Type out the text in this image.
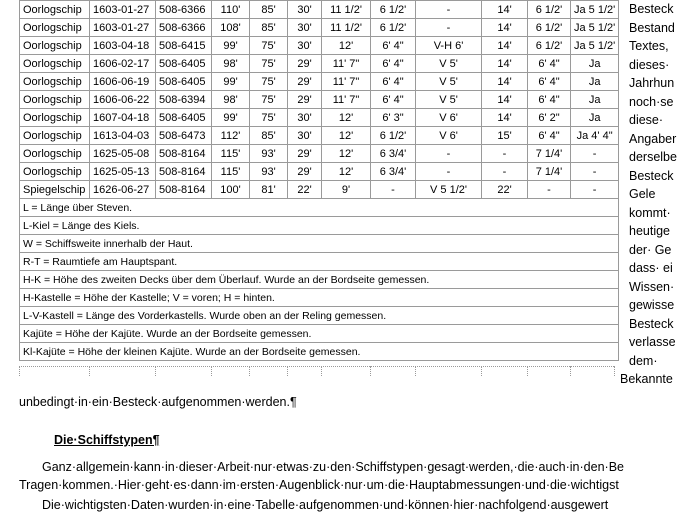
Oorlogschip	1603-01-27	508-6366	110'	85'	30'	11 1/2'	6 1/2'	-	14'	6 1/2'	Ja 5 1/2'
Oorlogschip	1603-01-27	508-6366	108'	85'	30'	11 1/2'	6 1/2'	-	14'	6 1/2'	Ja 5 1/2'
Oorlogschip	1603-04-18	508-6415	99'	75'	30'	12'	6' 4"	V-H 6'	14'	6 1/2'	Ja 5 1/2'
Oorlogschip	1606-02-17	508-6405	98'	75'	29'	11' 7"	6' 4"	V 5'	14'	6' 4"	Ja
Oorlogschip	1606-06-19	508-6405	99'	75'	29'	11' 7"	6' 4"	V 5'	14'	6' 4"	Ja
Oorlogschip	1606-06-22	508-6394	98'	75'	29'	11' 7"	6' 4"	V 5'	14'	6' 4"	Ja
Oorlogschip	1607-04-18	508-6405	99'	75'	30'	12'	6' 3"	V 6'	14'	6' 2"	Ja
Oorlogschip	1613-04-03	508-6473	112'	85'	30'	12'	6 1/2'	V 6'	15'	6' 4"	Ja 4' 4"
Oorlogschip	1625-05-08	508-8164	115'	93'	29'	12'	6 3/4'	-	-	7 1/4'	-
Oorlogschip	1625-05-13	508-8164	115'	93'	29'	12'	6 3/4'	-	-	7 1/4'	-
Spiegelschip	1626-06-27	508-8164	100'	81'	22'	9'	-	V 5 1/2'	22'	-	-
L = Länge über Steven.											
L-Kiel = Länge des Kiels.											
W = Schiffsweite innerhalb der Haut.											
R-T = Raumtiefe am Hauptspant.											
H-K = Höhe des zweiten Decks über dem Überlauf. Wurde an der Bordseite gemessen.											
H-Kastelle = Höhe der Kastelle; V = voren; H = hinten.											
L-V-Kastell = Länge des Vorderkastells. Wurde oben an der Reling gemessen.											
Kajüte = Höhe der Kajüte. Wurde an der Bordseite gemessen.											
Kl-Kajüte = Höhe der kleinen Kajüte. Wurde an der Bordseite gemessen.											
Besteck
Bestand
Textes,
dieses·
Jahrhun
noch·se
diese·
Angaber
derselbe
Besteck
Gele
kommt·
heutige
der· Ge
dass· ei
Wissen·
gewisse
Besteck
verlasse
dem·
Bekannte
unbedingt·in·ein·Besteck·aufgenommen·werden.¶
Die·Schiffstypen¶
Ganz·allgemein·kann·in·dieser·Arbeit·nur·etwas·zu·den·Schiffstypen·gesagt·werden,·die·auch·in·den·Be
Tragen·kommen.·Hier·geht·es·dann·im·ersten·Augenblick·nur·um·die·Hauptabmessungen·und·die·wichtigst
Die·wichtigsten·Daten·wurden·in·eine·Tabelle·aufgenommen·und·können·hier·nachfolgend·ausgewert
